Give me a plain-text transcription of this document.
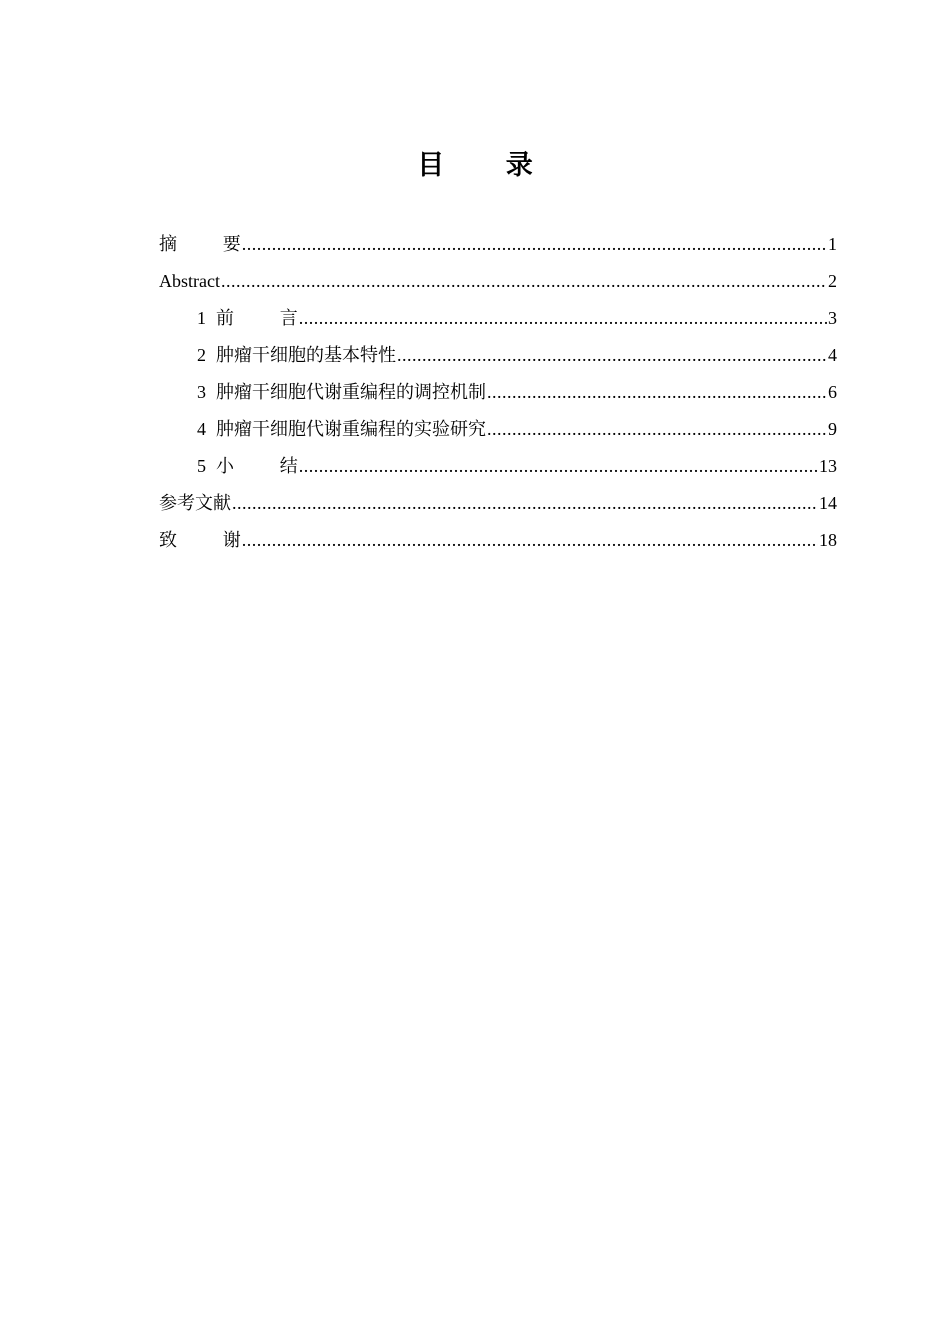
目 录
摘 要 .....	1
Abstract .....	2
1 前 言 .....	3
2 肿瘤干细胞的基本特性 .....	4
3 肿瘤干细胞代谢重编程的调控机制 .....	6
4 肿瘤干细胞代谢重编程的实验研究 .....	9
5 小 结 .....	13
参考文献 .....	14
致 谢 .....	18
